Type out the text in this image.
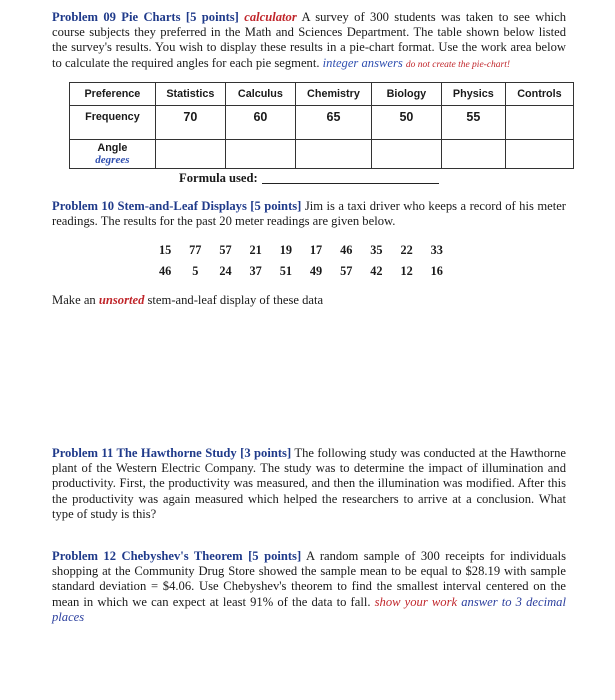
Problem 09 Pie Charts [5 points] calculator A survey of 300 students was taken to see which course subjects they preferred in the Math and Sciences Department. The table shown below listed the survey's results. You wish to display these results in a pie-chart format. Use the work area below to calculate the required angles for each pie segment. integer answers do not create the pie-chart!
Preference	Statistics	Calculus	Chemistry	Biology	Physics	Controls
Frequency	70	60	65	50	55	

Angle
degrees						

Formula used:
Problem 10 Stem-and-Leaf Displays [5 points] Jim is a taxi driver who keeps a record of his meter readings. The results for the past 20 meter readings are given below.
15	77	57	21	19	17	46	35	22	33
46	5	24	37	51	49	57	42	12	16
Make an unsorted stem-and-leaf display of these data
Problem 11 The Hawthorne Study [3 points] The following study was conducted at the Hawthorne plant of the Western Electric Company. The study was to determine the impact of illumination and productivity. First, the productivity was measured, and then the illumination was modified. After this the productivity was again measured which helped the researchers to arrive at a conclusion. What type of study is this?
Problem 12 Chebyshev's Theorem [5 points] A random sample of 300 receipts for individuals shopping at the Community Drug Store showed the sample mean to be equal to $28.19 with sample standard deviation = $4.06. Use Chebyshev's theorem to find the smallest interval centered on the mean in which we can expect at least 91% of the data to fall. show your work answer to 3 decimal places
